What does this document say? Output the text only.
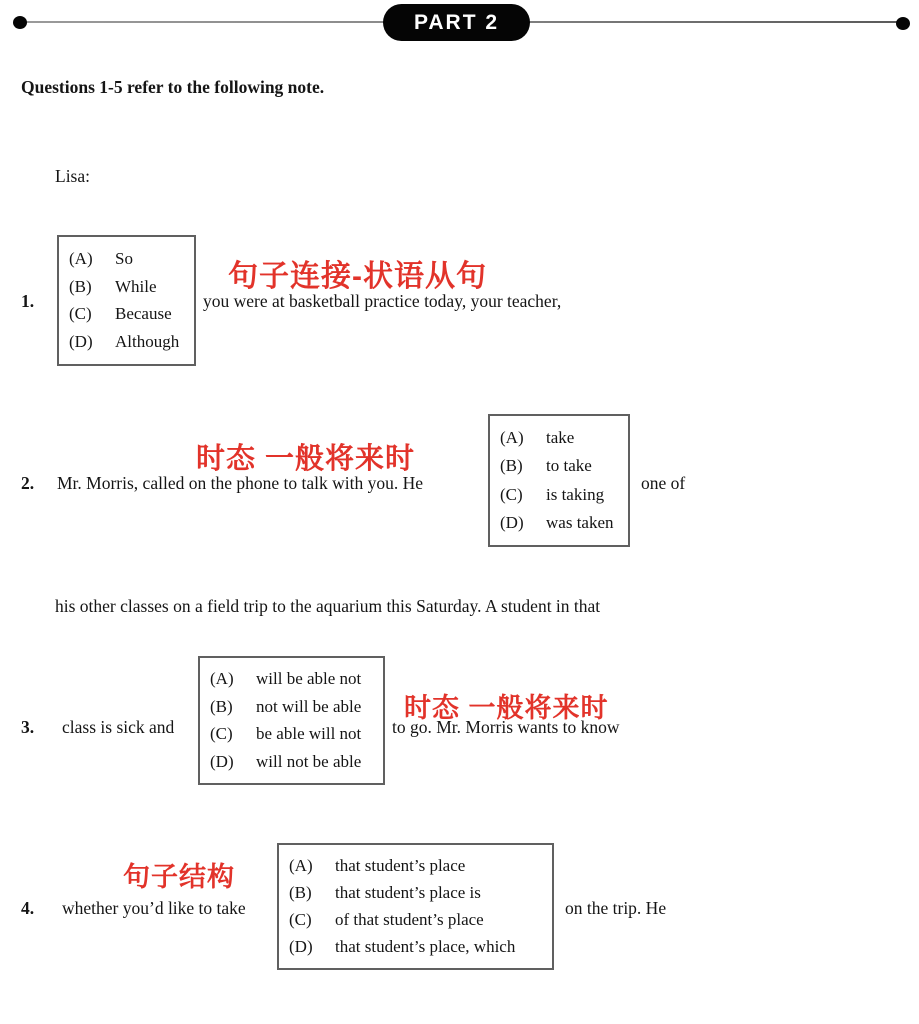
PART 2
Questions 1-5 refer to the following note.
Lisa:
1.
(A)	So
(B)	While
(C)	Because
(D)	Although
you were at basketball practice today, your teacher,
句子连接-状语从句
时态 一般将来时
2. Mr. Morris, called on the phone to talk with you. He
(A)	take
(B)	to take
(C)	is taking
(D)	was taken
one of
his other classes on a field trip to the aquarium this Saturday. A student in that
(A)	will be able not
(B)	not will be able
(C)	be able will not
(D)	will not be able
时态 一般将来时
3. class is sick and	to go. Mr. Morris wants to know
句子结构
4. whether you’d like to take
(A)	that student’s place
(B)	that student’s place is
(C)	of that student’s place
(D)	that student’s place, which
on the trip. He
